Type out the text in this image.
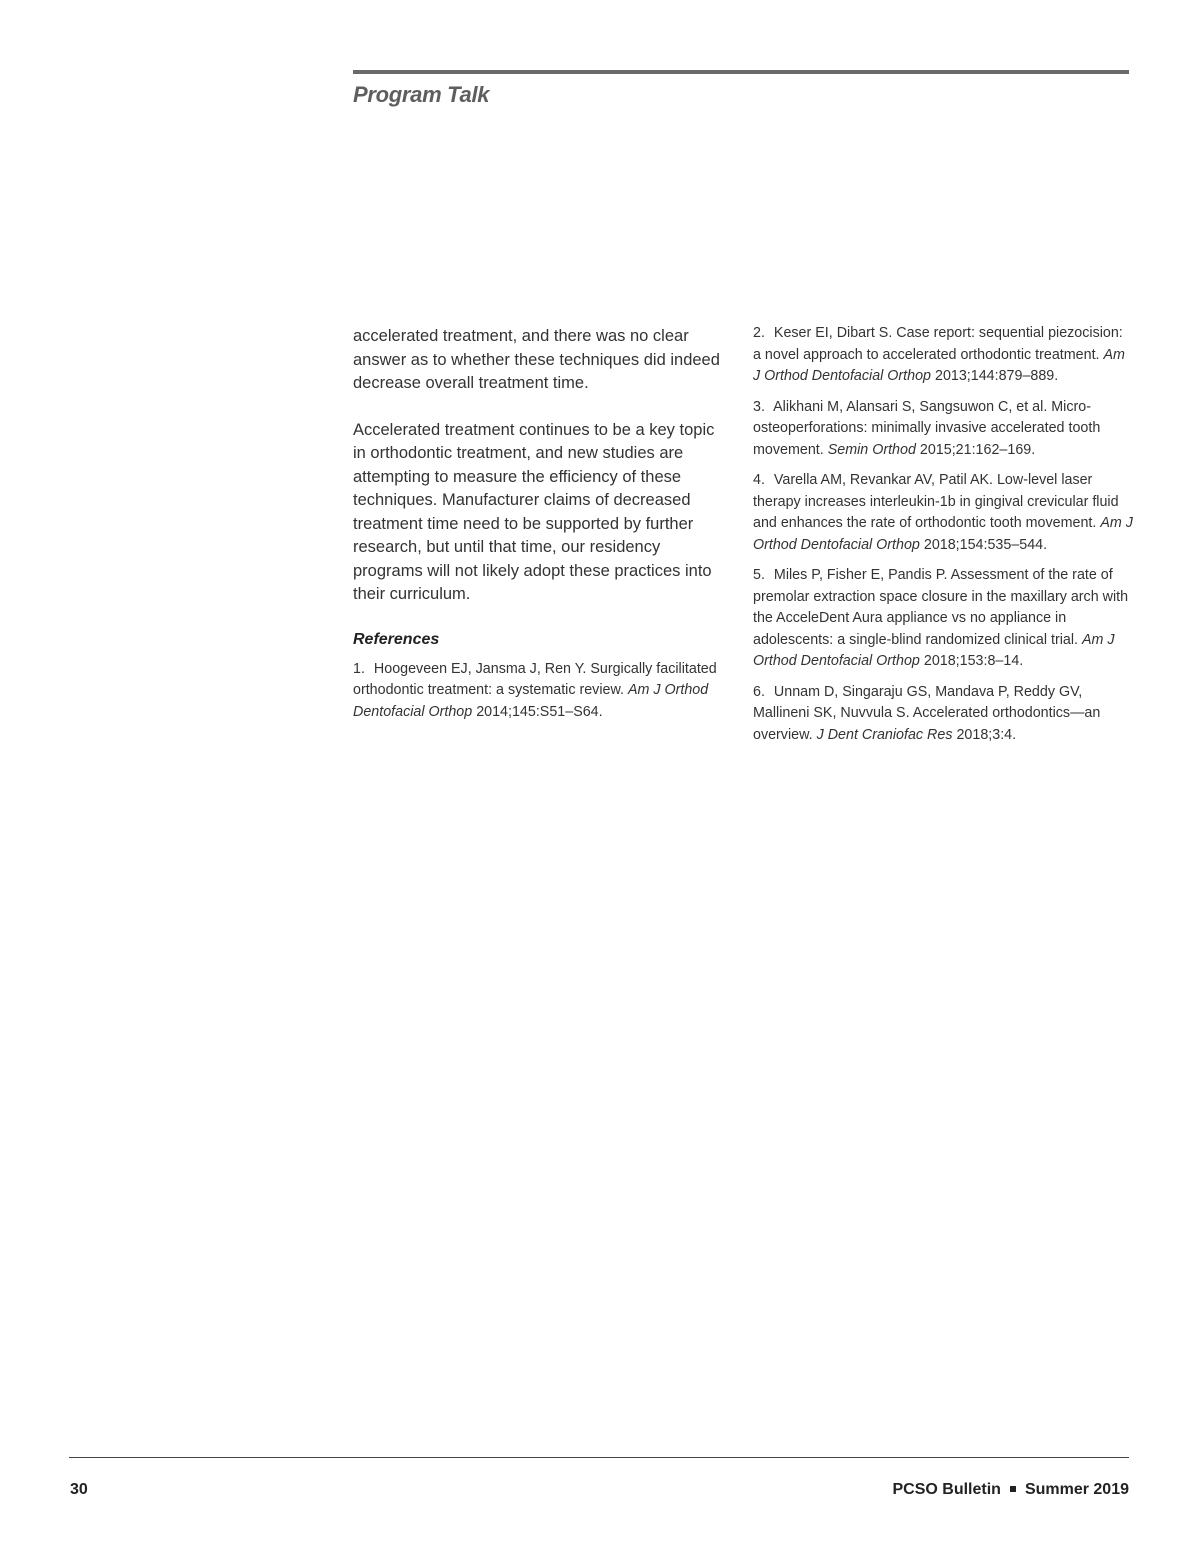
Program Talk

accelerated treatment, and there was no clear answer as to whether these techniques did indeed decrease overall treatment time.

Accelerated treatment continues to be a key topic in orthodontic treatment, and new studies are attempting to measure the efficiency of these techniques. Manufacturer claims of decreased treatment time need to be supported by further research, but until that time, our residency programs will not likely adopt these practices into their curriculum.

References

1. Hoogeveen EJ, Jansma J, Ren Y. Surgically facilitated orthodontic treatment: a systematic review. Am J Orthod Dentofacial Orthop 2014;145:S51–S64.

2. Keser EI, Dibart S. Case report: sequential piezocision: a novel approach to accelerated orthodontic treatment. Am J Orthod Dentofacial Orthop 2013;144:879–889.

3. Alikhani M, Alansari S, Sangsuwon C, et al. Micro-osteoperforations: minimally invasive accelerated tooth movement. Semin Orthod 2015;21:162–169.

4. Varella AM, Revankar AV, Patil AK. Low-level laser therapy increases interleukin-1b in gingival crevicular fluid and enhances the rate of orthodontic tooth movement. Am J Orthod Dentofacial Orthop 2018;154:535–544.

5. Miles P, Fisher E, Pandis P. Assessment of the rate of premolar extraction space closure in the maxillary arch with the AcceleDent Aura appliance vs no appliance in adolescents: a single-blind randomized clinical trial. Am J Orthod Dentofacial Orthop 2018;153:8–14.

6. Unnam D, Singaraju GS, Mandava P, Reddy GV, Mallineni SK, Nuvvula S. Accelerated orthodontics—an overview. J Dent Craniofac Res 2018;3:4.

30	PCSO Bulletin Summer 2019
